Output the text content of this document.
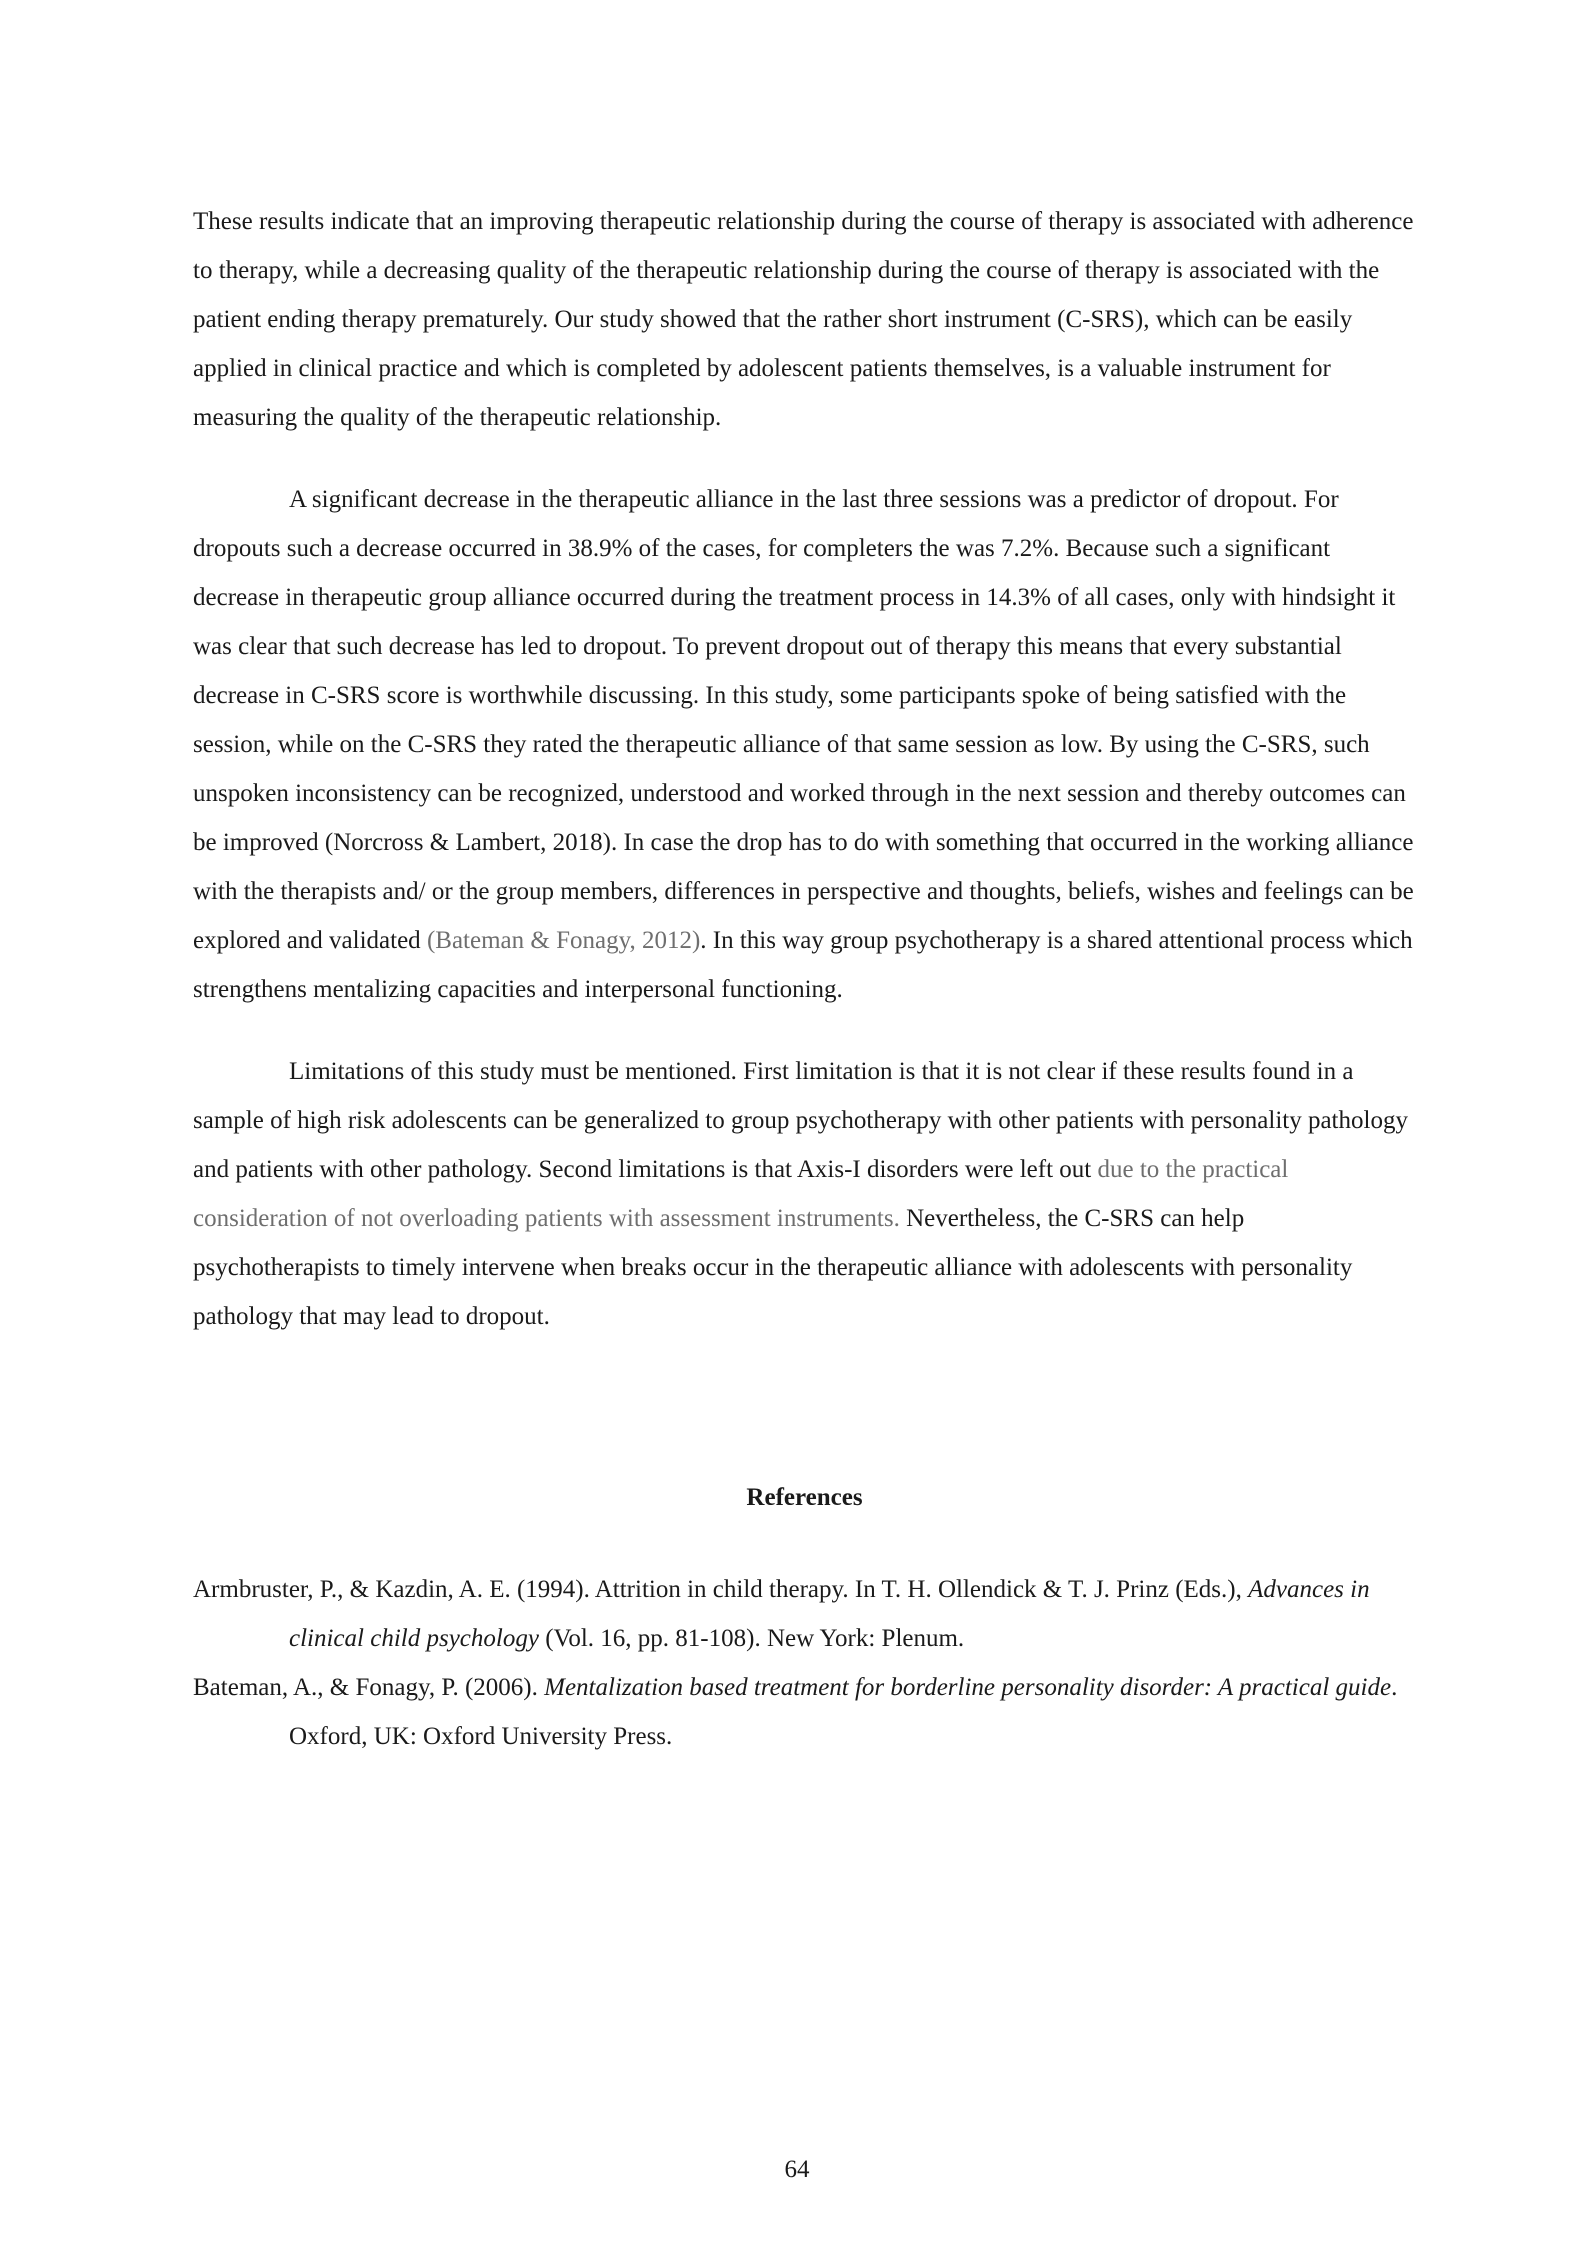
These results indicate that an improving therapeutic relationship during the course of therapy is associated with adherence to therapy, while a decreasing quality of the therapeutic relationship during the course of therapy is associated with the patient ending therapy prematurely. Our study showed that the rather short instrument (C-SRS), which can be easily applied in clinical practice and which is completed by adolescent patients themselves, is a valuable instrument for measuring the quality of the therapeutic relationship.

A significant decrease in the therapeutic alliance in the last three sessions was a predictor of dropout. For dropouts such a decrease occurred in 38.9% of the cases, for completers the was 7.2%. Because such a significant decrease in therapeutic group alliance occurred during the treatment process in 14.3% of all cases, only with hindsight it was clear that such decrease has led to dropout. To prevent dropout out of therapy this means that every substantial decrease in C-SRS score is worthwhile discussing. In this study, some participants spoke of being satisfied with the session, while on the C-SRS they rated the therapeutic alliance of that same session as low. By using the C-SRS, such unspoken inconsistency can be recognized, understood and worked through in the next session and thereby outcomes can be improved (Norcross & Lambert, 2018). In case the drop has to do with something that occurred in the working alliance with the therapists and/ or the group members, differences in perspective and thoughts, beliefs, wishes and feelings can be explored and validated (Bateman & Fonagy, 2012). In this way group psychotherapy is a shared attentional process which strengthens mentalizing capacities and interpersonal functioning.

Limitations of this study must be mentioned. First limitation is that it is not clear if these results found in a sample of high risk adolescents can be generalized to group psychotherapy with other patients with personality pathology and patients with other pathology. Second limitations is that Axis-I disorders were left out due to the practical consideration of not overloading patients with assessment instruments. Nevertheless, the C-SRS can help psychotherapists to timely intervene when breaks occur in the therapeutic alliance with adolescents with personality pathology that may lead to dropout.

References

Armbruster, P., & Kazdin, A. E. (1994). Attrition in child therapy. In T. H. Ollendick & T. J. Prinz (Eds.), Advances in clinical child psychology (Vol. 16, pp. 81-108). New York: Plenum.

Bateman, A., & Fonagy, P. (2006). Mentalization based treatment for borderline personality disorder: A practical guide. Oxford, UK: Oxford University Press.

64
